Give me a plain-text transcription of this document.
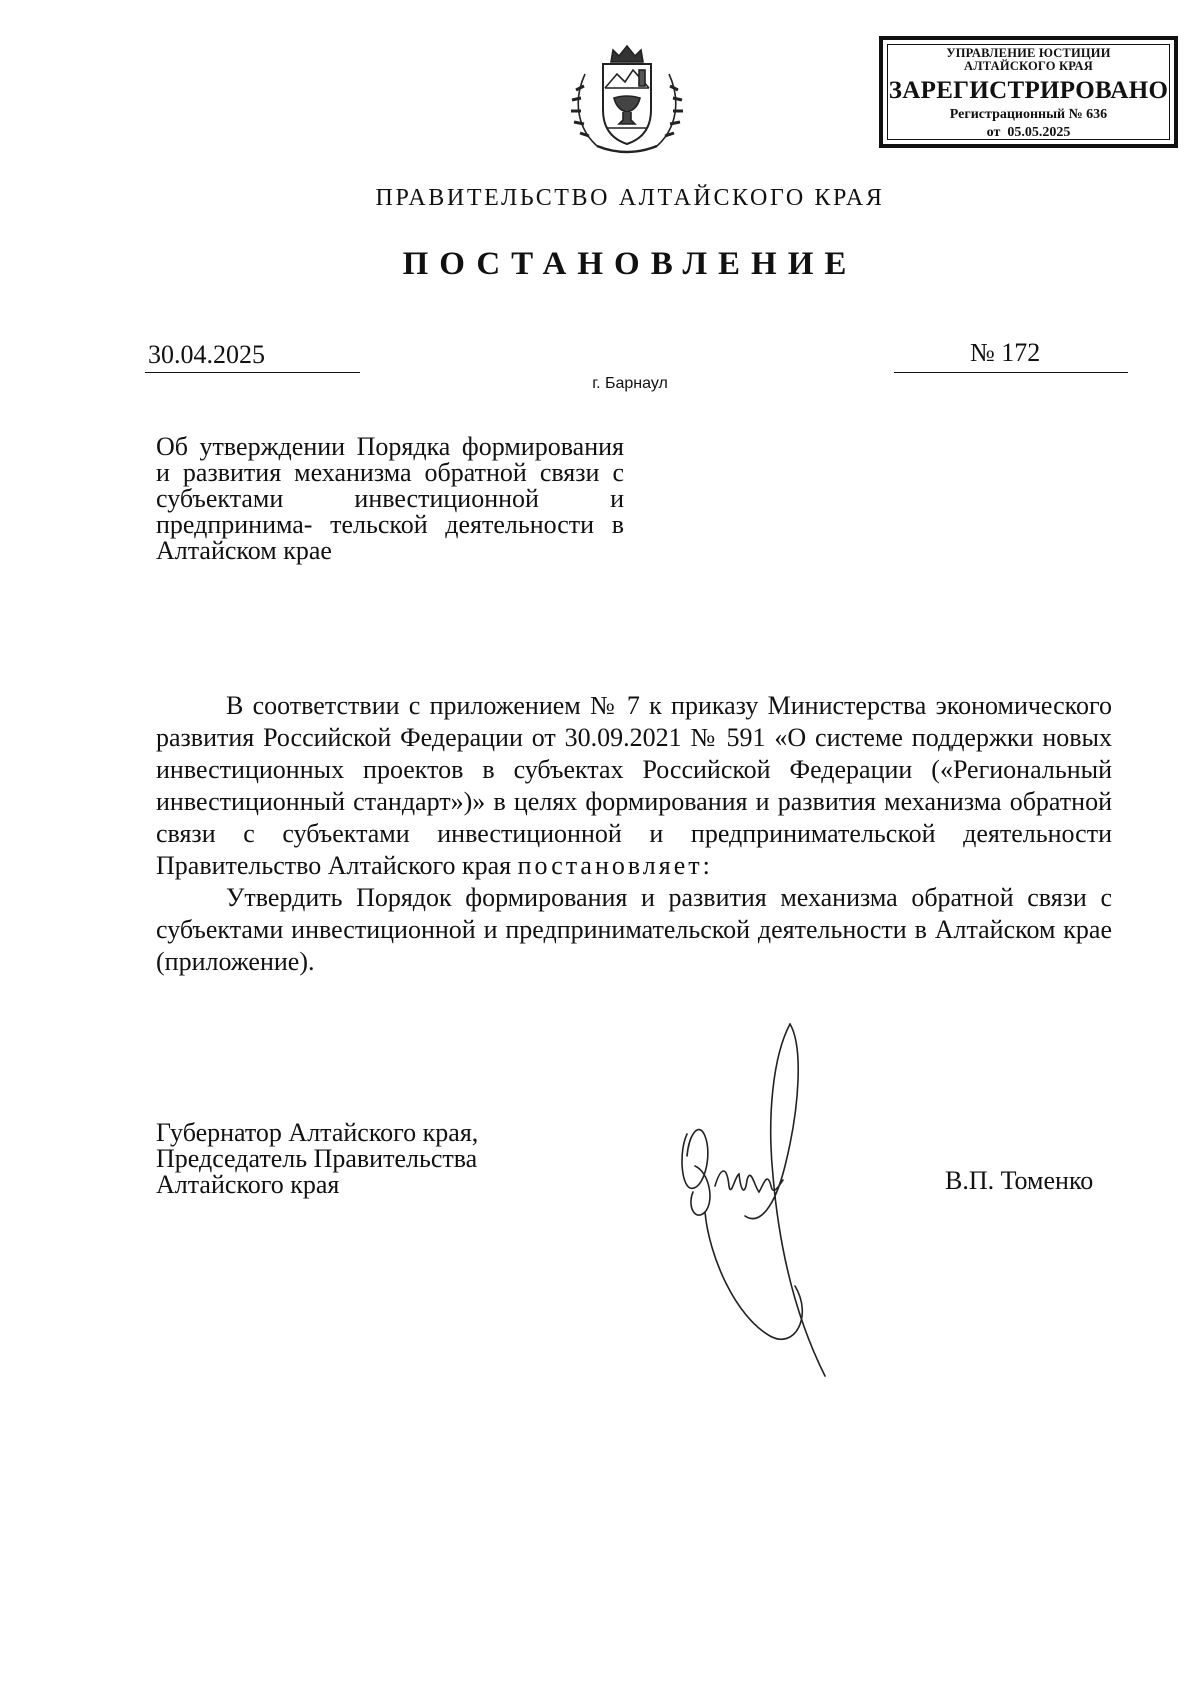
УПРАВЛЕНИЕ ЮСТИЦИИ
АЛТАЙСКОГО КРАЯ
ЗАРЕГИСТРИРОВАНО
Регистрационный № 636
от  05.05.2025
ПРАВИТЕЛЬСТВО АЛТАЙСКОГО КРАЯ
ПОСТАНОВЛЕНИЕ
30.04.2025	№ 172
г. Барнаул
Об утверждении Порядка формирования и развития механизма обратной связи с субъектами инвестиционной и предпринима- тельской деятельности в Алтайском крае

В соответствии с приложением № 7 к приказу Министерства экономического развития Российской Федерации от 30.09.2021 № 591 «О системе поддержки новых инвестиционных проектов в субъектах Российской Федерации («Региональный инвестиционный стандарт»)» в целях формирования и развития механизма обратной связи с субъектами инвестиционной и предпринимательской деятельности Правительство Алтайского края постановляет:

Утвердить Порядок формирования и развития механизма обратной связи с субъектами инвестиционной и предпринимательской деятельности в Алтайском крае (приложение).

Губернатор Алтайского края,
Председатель Правительства
Алтайского края	В.П. Томенко
